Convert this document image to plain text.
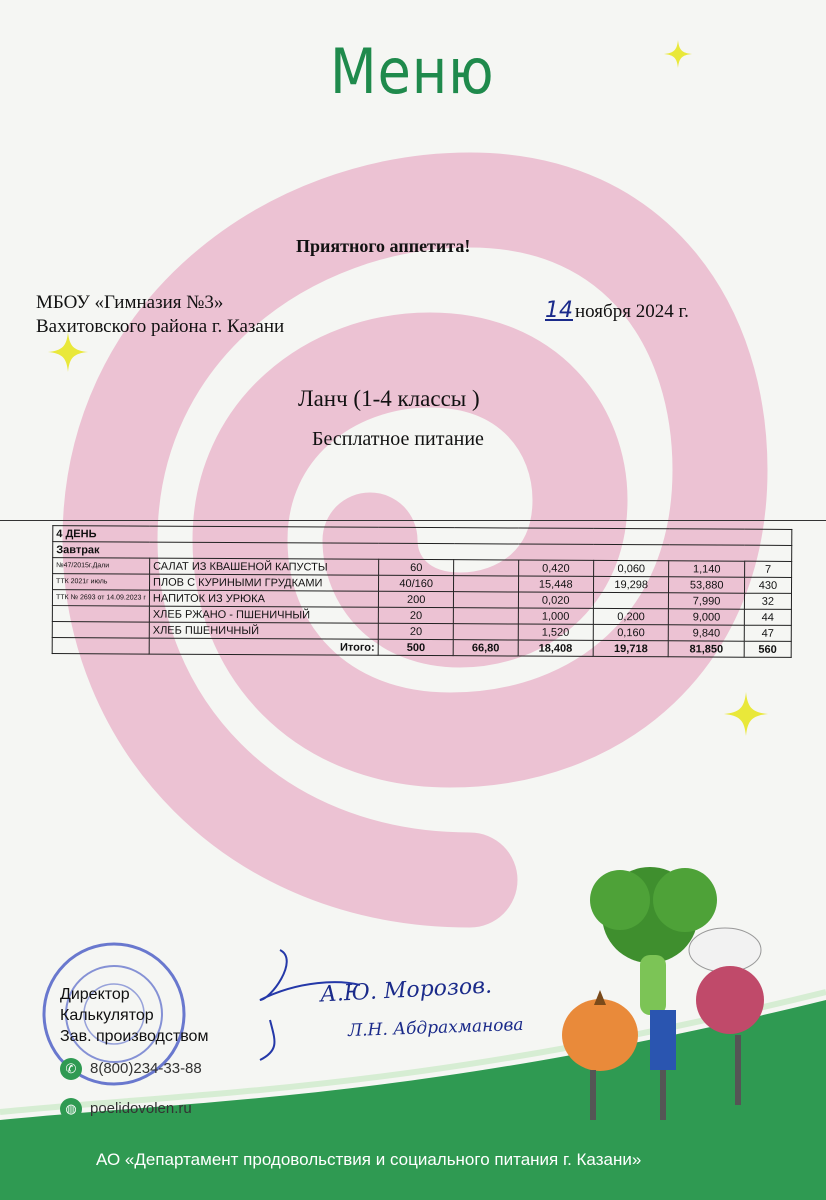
Меню
Приятного аппетита!
МБОУ «Гимназия №3»
Вахитовского района г. Казани
14 ноября 2024 г.
Ланч (1-4 классы )
Бесплатное питание
4 ДЕНЬ							
Завтрак							
№47/2015г.Дали	САЛАТ ИЗ КВАШЕНОЙ КАПУСТЫ	60		0,420	0,060	1,140	7
ТТК 2021г июль	ПЛОВ С КУРИНЫМИ ГРУДКАМИ	40/160		15,448	19,298	53,880	430
ТТК № 2693 от 14.09.2023 г	НАПИТОК ИЗ УРЮКА	200		0,020		7,990	32
	ХЛЕБ РЖАНО - ПШЕНИЧНЫЙ	20		1,000	0,200	9,000	44
	ХЛЕБ ПШЕНИЧНЫЙ	20		1,520	0,160	9,840	47
	Итого:	500	66,80	18,408	19,718	81,850	560
А.Ю. Морозов.
Л.Н. Абдрахманова
Директор
Калькулятор
Зав. производством
✆ 8(800)234-33-88
◍ poelidovolen.ru
АО «Департамент продовольствия и социального питания г. Казани»
